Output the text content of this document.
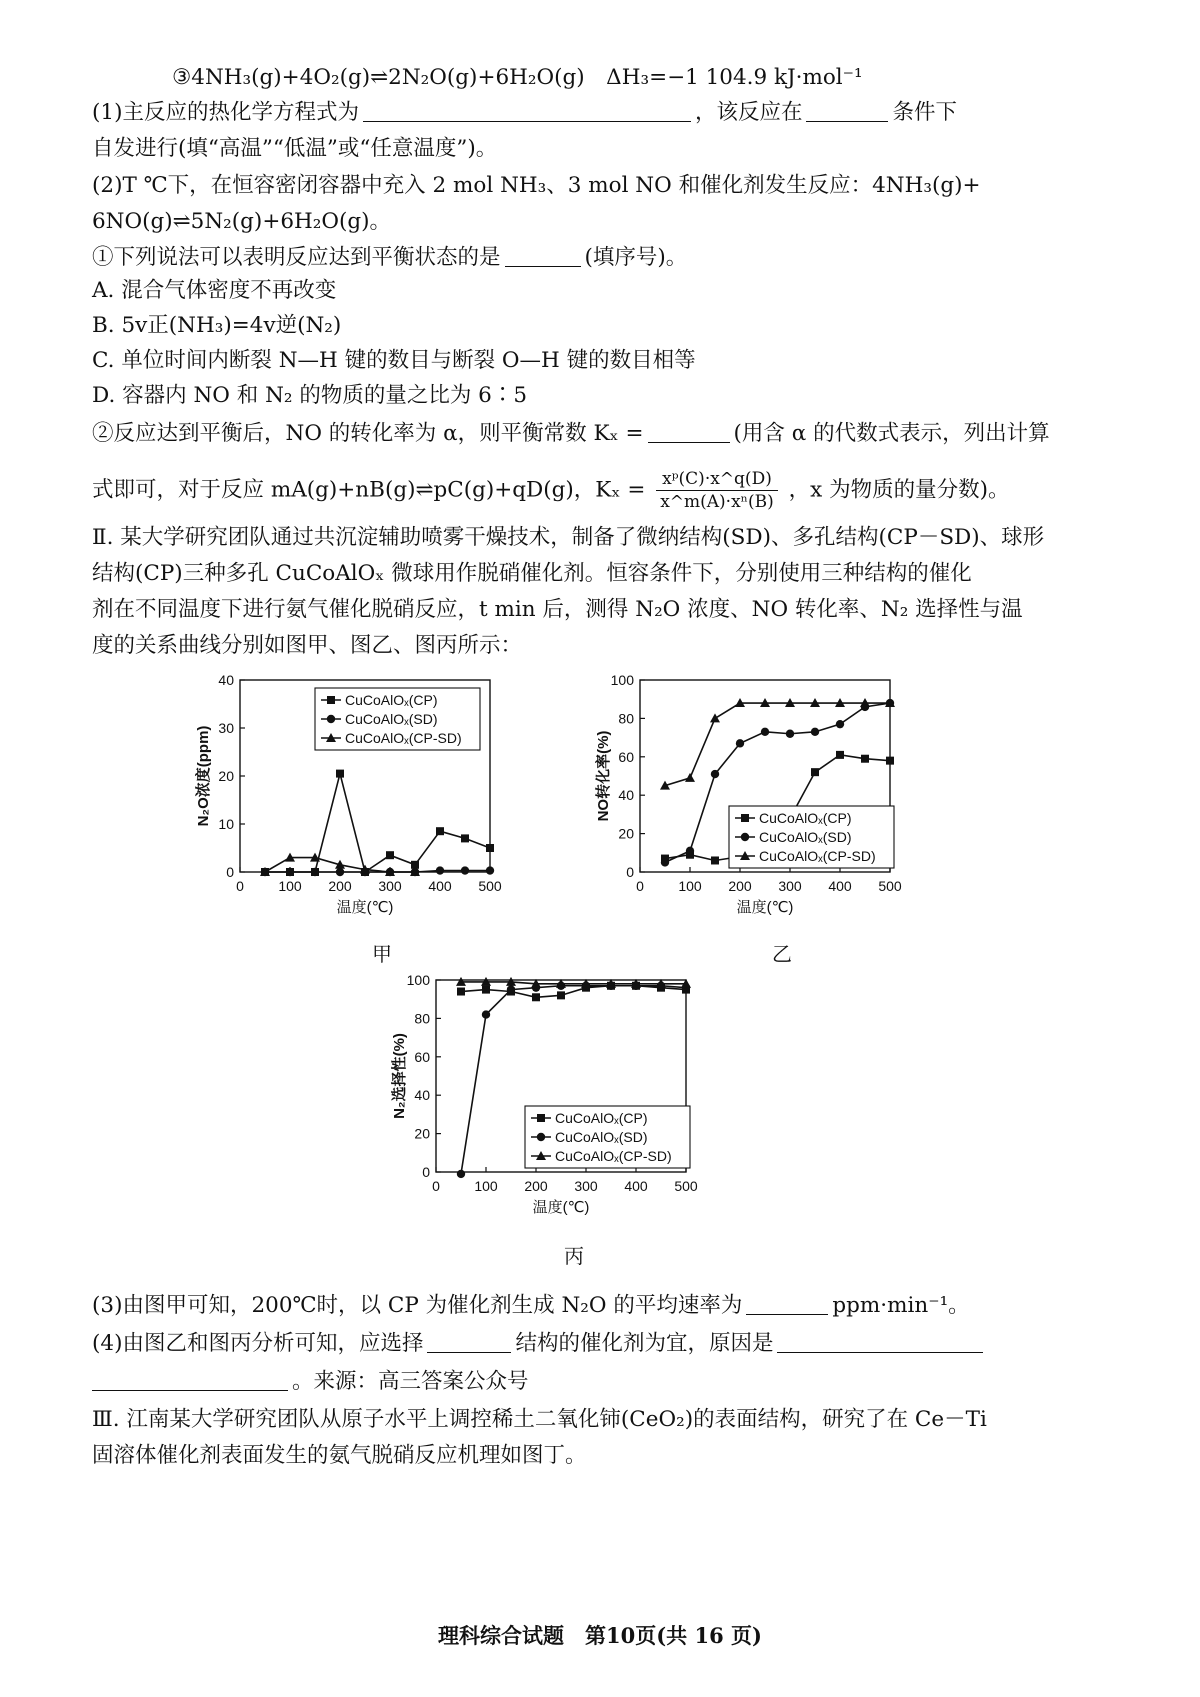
③4NH₃(g)+4O₂(g)⇌2N₂O(g)+6H₂O(g)　ΔH₃=−1 104.9 kJ·mol⁻¹
(1)主反应的热化学方程式为	，该反应在	条件下
自发进行(填“高温”“低温”或“任意温度”)。
(2)T ℃下，在恒容密闭容器中充入 2 mol NH₃、3 mol NO 和催化剂发生反应：4NH₃(g)+
6NO(g)⇌5N₂(g)+6H₂O(g)。
①下列说法可以表明反应达到平衡状态的是	(填序号)。
A. 混合气体密度不再改变
B. 5v正(NH₃)=4v逆(N₂)
C. 单位时间内断裂 N—H 键的数目与断裂 O—H 键的数目相等
D. 容器内 NO 和 N₂ 的物质的量之比为 6∶5
②反应达到平衡后，NO 的转化率为 α，则平衡常数 Kₓ =	(用含 α 的代数式表示，列出计算
式即可，对于反应 mA(g)+nB(g)⇌pC(g)+qD(g)，$K_x = \frac{\text{xᵖ(C)·x\textasciicircum{}q(D)}}{\text{x\textasciicircum{}m(A)·xⁿ(B)}}$ ，x 为物质的量分数)。
Ⅱ. 某大学研究团队通过共沉淀辅助喷雾干燥技术，制备了微纳结构(SD)、多孔结构(CP－SD)、球形
结构(CP)三种多孔 CuCoAlOₓ 微球用作脱硝催化剂。恒容条件下，分别使用三种结构的催化
剂在不同温度下进行氨气催化脱硝反应，t min 后，测得 N₂O 浓度、NO 转化率、N₂ 选择性与温
度的关系曲线分别如图甲、图乙、图丙所示：
0 100 200 300 400 500
0
10
20
30
40
温度(℃)
N₂O浓度(ppm)
CuCoAlOₓ(CP)
CuCoAlOₓ(SD)
CuCoAlOₓ(CP-SD)
甲
0 100 200 300 400 500
0
20
40
60
80
100
温度(℃)
NO转化率(%)	CuCoAlOₓ(CP)
CuCoAlOₓ(SD)
CuCoAlOₓ(CP-SD)
乙
0 100 200 300 400 500
0
20
40
60
80
100
温度(℃)
N₂选择性(%)	CuCoAlOₓ(CP)
CuCoAlOₓ(SD)
CuCoAlOₓ(CP-SD)
丙
(3)由图甲可知，200℃时，以 CP 为催化剂生成 N₂O 的平均速率为	ppm·min⁻¹。
(4)由图乙和图丙分析可知，应选择	结构的催化剂为宜，原因是
。来源：高三答案公众号
Ⅲ. 江南某大学研究团队从原子水平上调控稀土二氧化铈(CeO₂)的表面结构，研究了在 Ce－Ti
固溶体催化剂表面发生的氨气脱硝反应机理如图丁。
理科综合试题　第10页(共 16 页)
